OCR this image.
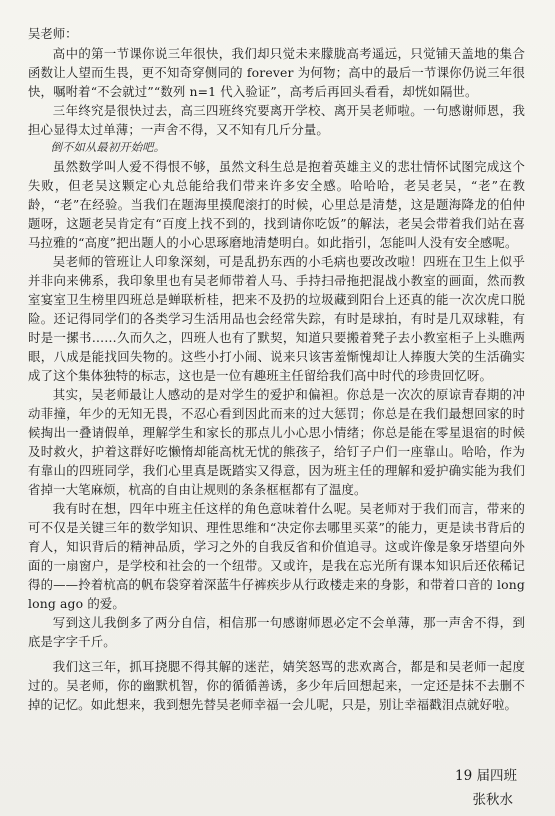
吴老师：

高中的第一节课你说三年很快，我们却只觉未来朦胧高考遥远，只觉铺天盖地的集合函数让人望而生畏，更不知奇穿侧同的 forever 为何物；高中的最后一节课你仍说三年很快，嘱咐着“不会就过”“数列 n=1 代入验证”，高考后再回头看看，却恍如隔世。

三年终究是很快过去，高三四班终究要离开学校、离开吴老师啦。一句感谢师恩，我担心显得太过单薄；一声舍不得，又不知有几斤分量。

倒不如从最初开始吧。

虽然数学叫人爱不得恨不够，虽然文科生总是抱着英雄主义的悲壮情怀试图完成这个失败，但老吴这颗定心丸总能给我们带来许多安全感。哈哈哈，老吴老吴，“老”在教龄，“老”在经验。当我们在题海里摸爬滚打的时候，心里总是清楚，这是题海降龙的伯仲题呀，这题老吴肯定有“百度上找不到的，找到请你吃饭”的解法，老吴会带着我们站在喜马拉雅的“高度”把出题人的小心思琢磨地清楚明白。如此指引，怎能叫人没有安全感呢。

吴老师的管班让人印象深刻，可是乱扔东西的小毛病也要改改啦！四班在卫生上似乎并非向来佛系，我印象里也有吴老师带着人马、手持扫帚拖把混战小教室的画面，然而教室宴室卫生榜里四班总是蝉联析桂，把来不及扔的垃圾藏到阳台上还真的能一次次虎口脱险。还记得同学们的各类学习生活用品也会经常失踪，有时是球拍，有时是几双球鞋，有时是一摞书……久而久之，四班人也有了默契，知道只要搬着凳子去小教室柜子上头瞧两眼，八成是能找回失物的。这些小打小闹、说来只该害羞惭愧却让人捧腹大笑的生活确实成了这个集体独特的标志，这也是一位有趣班主任留给我们高中时代的珍贵回忆呀。

其实，吴老师最让人感动的是对学生的爱护和偏袒。你总是一次次的原谅青春期的冲动菲撞，年少的无知无畏，不忍心看到因此而来的过大惩罚；你总是在我们最想回家的时候掏出一叠请假单，理解学生和家长的那点儿小心思小情绪；你总是能在零星退宿的时候及时救火，护着这群好吃懒惰却能高枕无忧的熊孩子，给钉子户们一座靠山。哈哈，作为有靠山的四班同学，我们心里真是既踏实又得意，因为班主任的理解和爱护确实能为我们省掉一大笔麻烦，杭高的自由让规则的条条框框都有了温度。

我有时在想，四年中班主任这样的角色意味着什么呢。吴老师对于我们而言，带来的可不仅是关键三年的数学知识、理性思维和“决定你去哪里买菜”的能力，更是读书背后的育人，知识背后的精神品质，学习之外的自我反省和价值追寻。这或许像是象牙塔望向外面的一扇窗户，是学校和社会的一个纽带。又或许，是我在忘光所有课本知识后还依稀记得的——拎着杭高的帆布袋穿着深蓝牛仔裤疾步从行政楼走来的身影，和带着口音的 long long ago 的爱。

写到这儿我倒多了两分自信，相信那一句感谢师恩必定不会单薄，那一声舍不得，到底是字字千斤。

我们这三年，抓耳挠腮不得其解的迷茫，婧笑怒骂的悲欢离合，都是和吴老师一起度过的。吴老师，你的幽默机智，你的循循善诱，多少年后回想起来，一定还是抹不去删不掉的记忆。如此想来，我到想先替吴老师幸福一会儿呢，只是，别让幸福戳泪点就好啦。

19 届四班
张秋水
